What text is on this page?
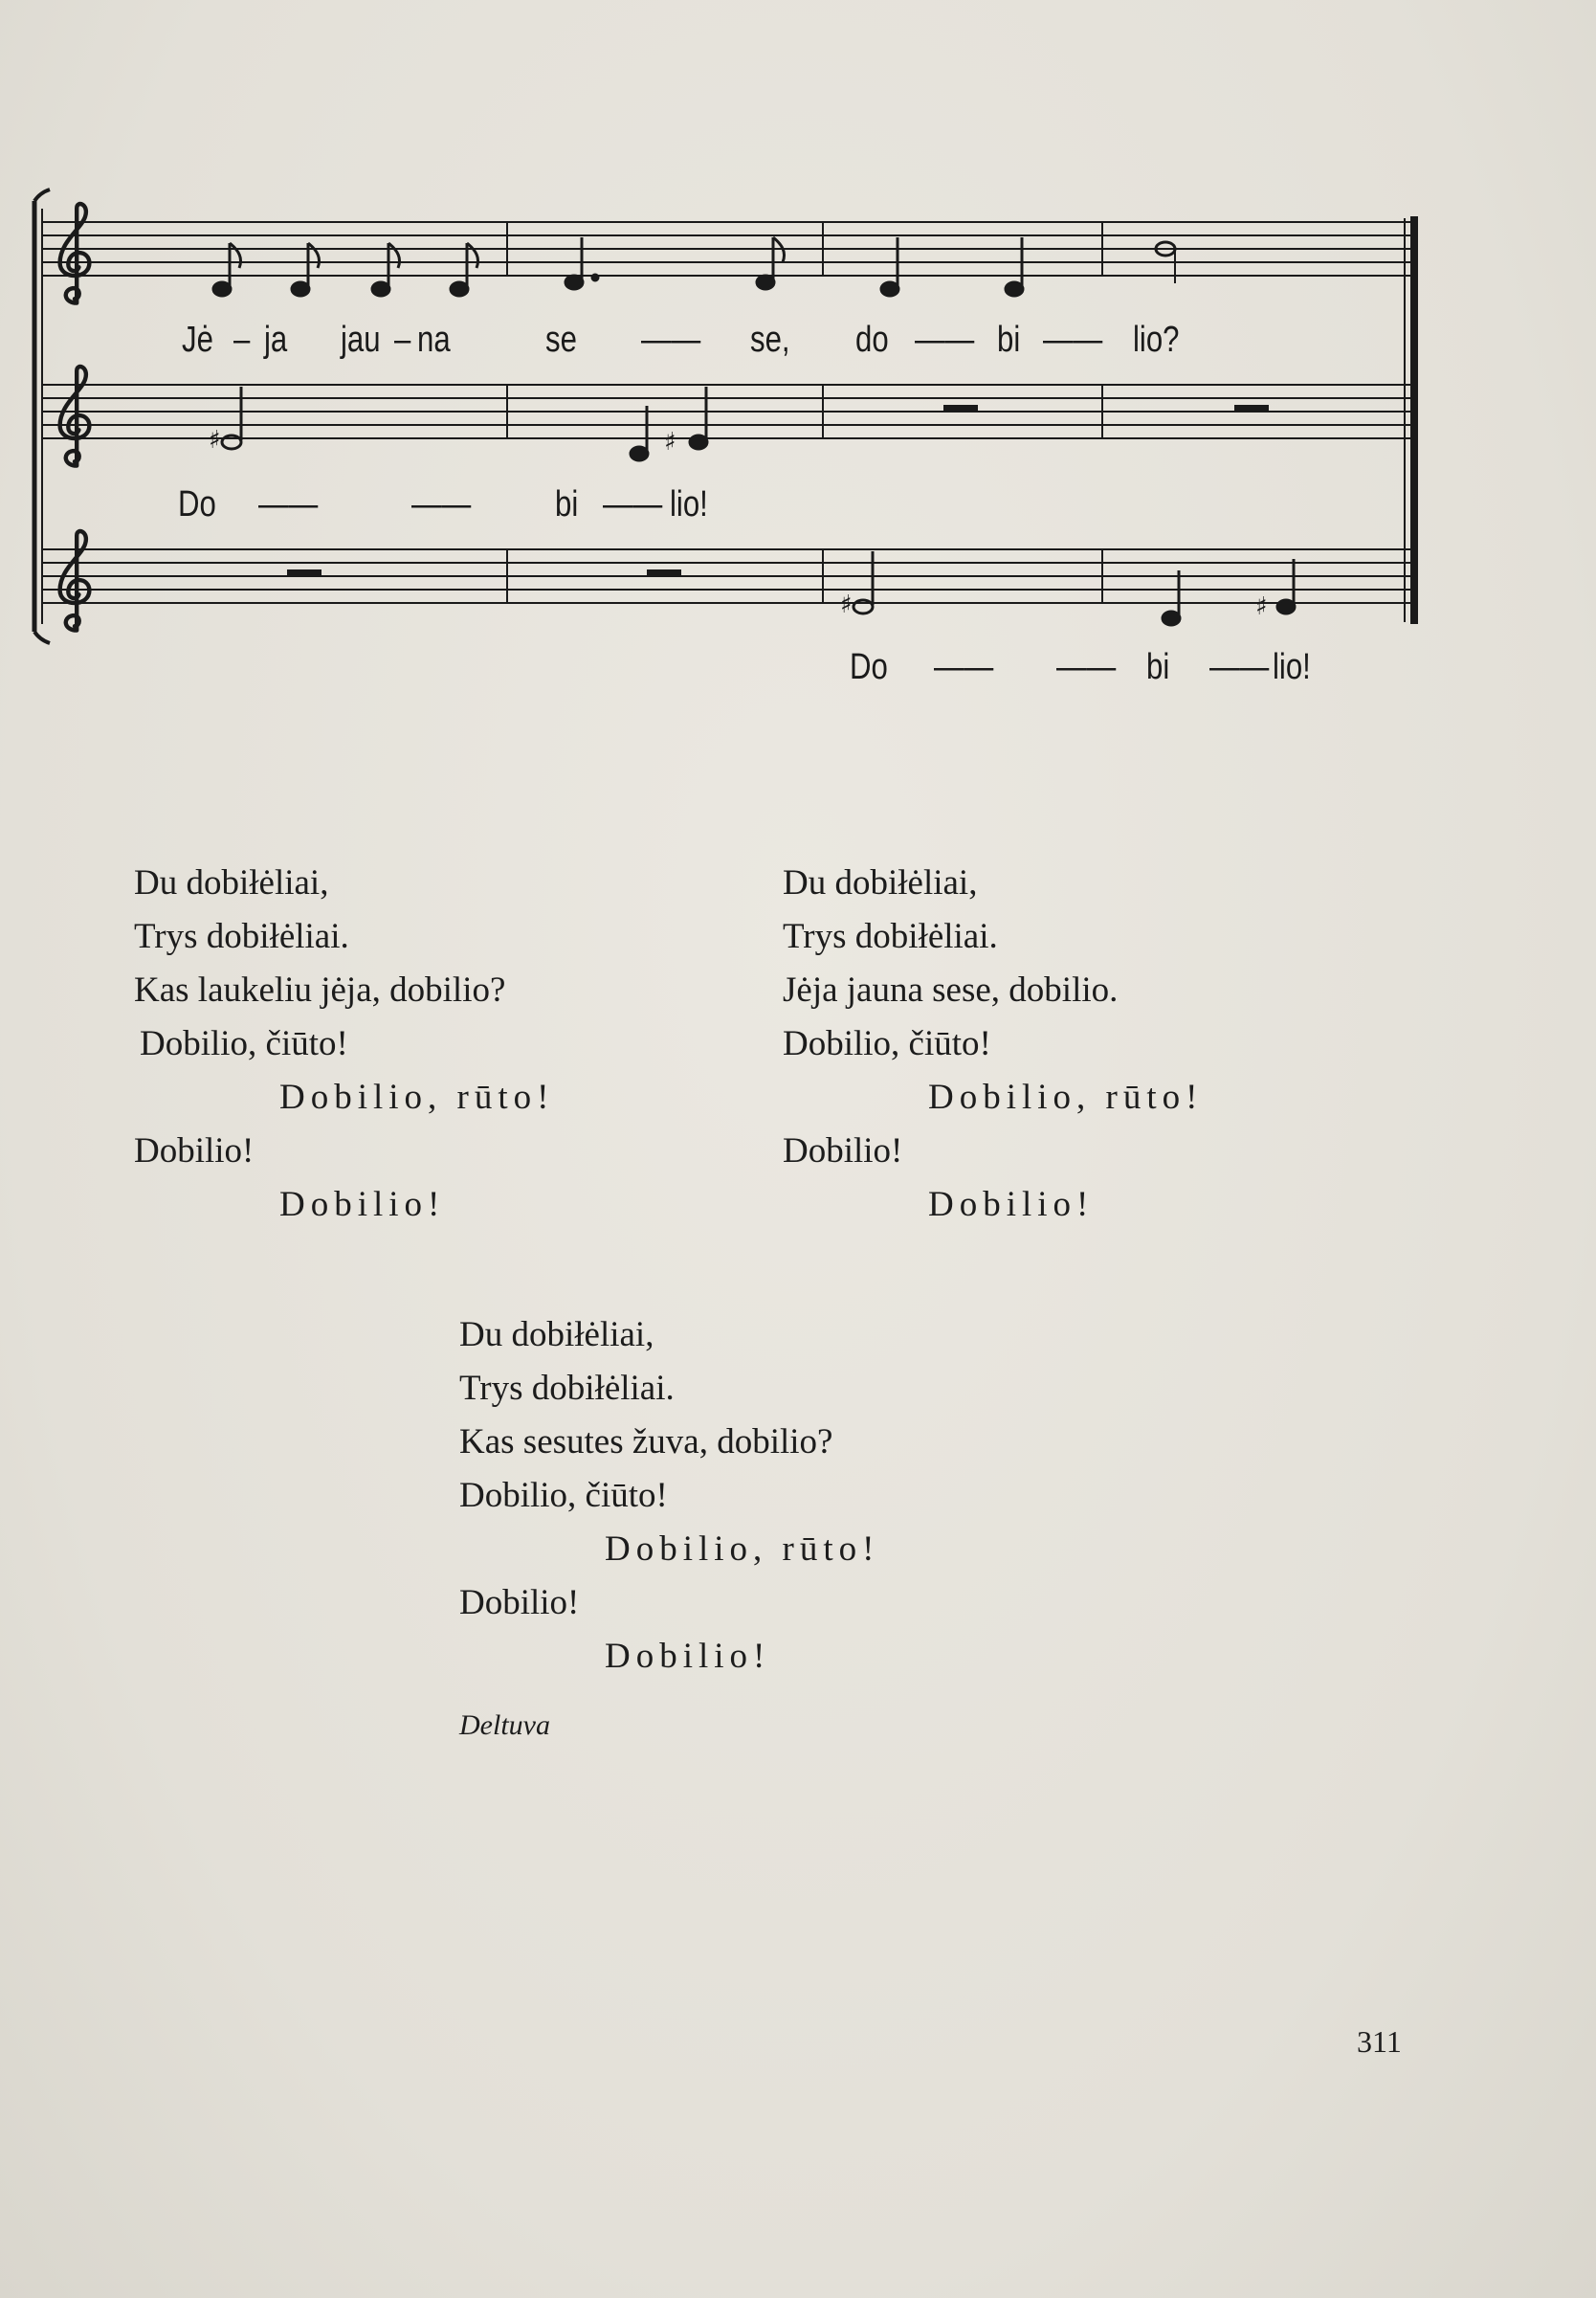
♯	♯
♯	♯
Jė – ja jau – na	se —— se, do —— bi —— lio?
Do ——	—— bi —— lio!
Do —— —— bi —— lio!
Du dobiłėliai,
Trys dobiłėliai.
Kas laukeliu jėja, dobilio?
Dobilio, čiūto!
Dobilio, rūto!
Dobilio!
Dobilio!
Du dobiłėliai,
Trys dobiłėliai.
Jėja jauna sese, dobilio.
Dobilio, čiūto!
Dobilio, rūto!
Dobilio!
Dobilio!
Du dobiłėliai,
Trys dobiłėliai.
Kas sesutes žuva, dobilio?
Dobilio, čiūto!
Dobilio, rūto!
Dobilio!
Dobilio!
Deltuva
311
